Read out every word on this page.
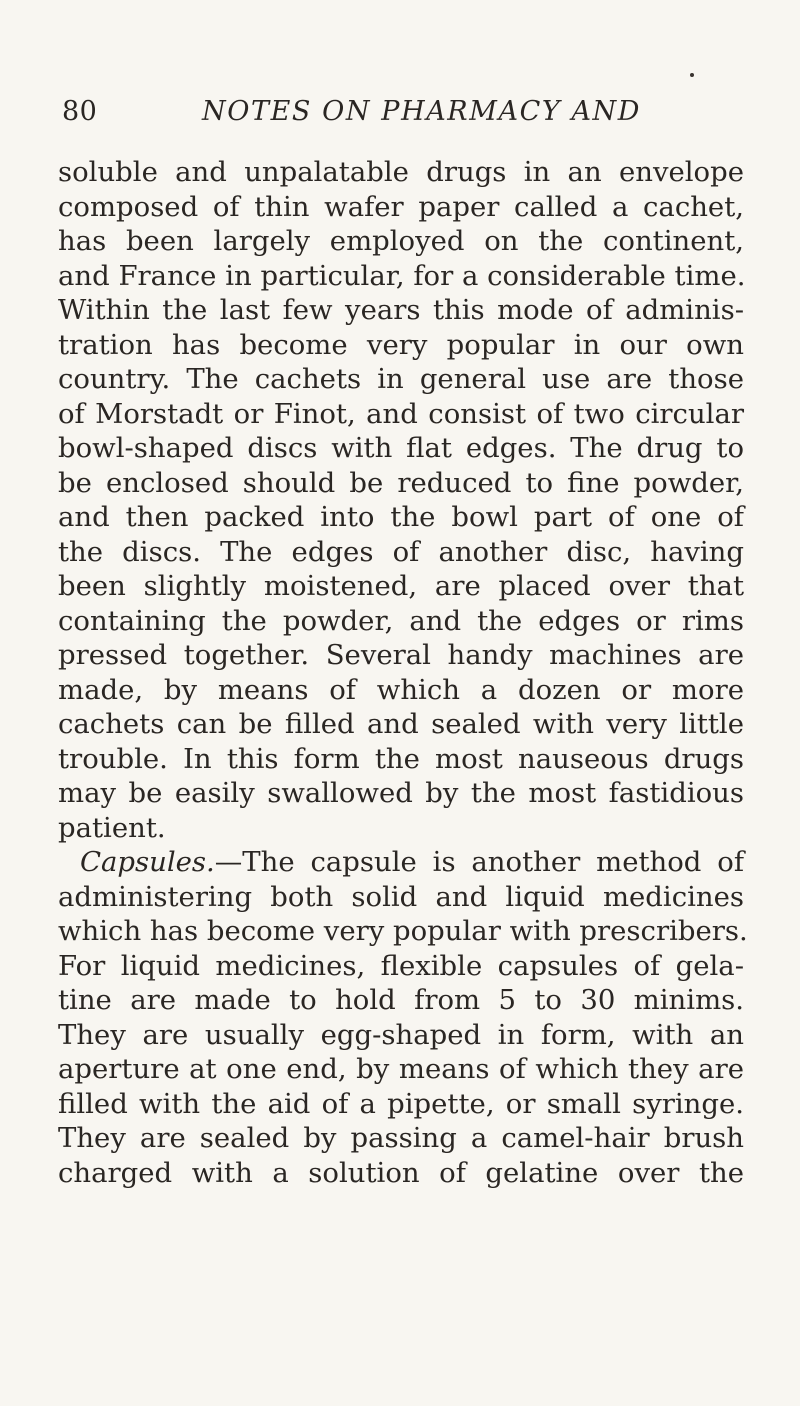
80	NOTES ON PHARMACY AND
soluble and unpalatable drugs in an envelope
composed of thin wafer paper called a cachet,
has been largely employed on the continent,
and France in particular, for a considerable time.
Within the last few years this mode of adminis-
tration has become very popular in our own
country. The cachets in general use are those
of Morstadt or Finot, and consist of two circular
bowl-shaped discs with flat edges. The drug to
be enclosed should be reduced to fine powder,
and then packed into the bowl part of one of
the discs. The edges of another disc, having
been slightly moistened, are placed over that
containing the powder, and the edges or rims
pressed together. Several handy machines are
made, by means of which a dozen or more
cachets can be filled and sealed with very little
trouble. In this form the most nauseous drugs
may be easily swallowed by the most fastidious
patient.
Capsules.—The capsule is another method of
administering both solid and liquid medicines
which has become very popular with prescribers.
For liquid medicines, flexible capsules of gela-
tine are made to hold from 5 to 30 minims.
They are usually egg-shaped in form, with an
aperture at one end, by means of which they are
filled with the aid of a pipette, or small syringe.
They are sealed by passing a camel-hair brush
charged with a solution of gelatine over the
